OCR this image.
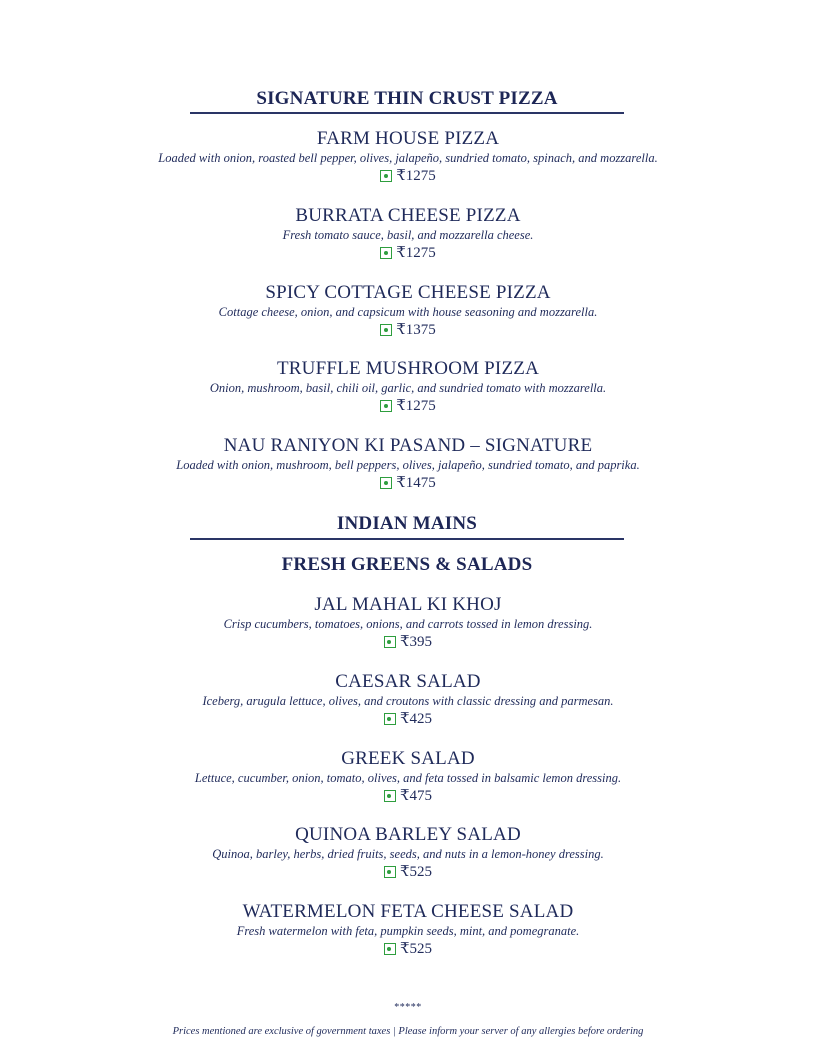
SIGNATURE THIN CRUST PIZZA
FARM HOUSE PIZZA
Loaded with onion, roasted bell pepper, olives, jalapeño, sundried tomato, spinach, and mozzarella.
₹1275
BURRATA CHEESE PIZZA
Fresh tomato sauce, basil, and mozzarella cheese.
₹1275
SPICY COTTAGE CHEESE PIZZA
Cottage cheese, onion, and capsicum with house seasoning and mozzarella.
₹1375
TRUFFLE MUSHROOM PIZZA
Onion, mushroom, basil, chili oil, garlic, and sundried tomato with mozzarella.
₹1275
NAU RANIYON KI PASAND – SIGNATURE
Loaded with onion, mushroom, bell peppers, olives, jalapeño, sundried tomato, and paprika.
₹1475
INDIAN MAINS
FRESH GREENS & SALADS
JAL MAHAL KI KHOJ
Crisp cucumbers, tomatoes, onions, and carrots tossed in lemon dressing.
₹395
CAESAR SALAD
Iceberg, arugula lettuce, olives, and croutons with classic dressing and parmesan.
₹425
GREEK SALAD
Lettuce, cucumber, onion, tomato, olives, and feta tossed in balsamic lemon dressing.
₹475
QUINOA BARLEY SALAD
Quinoa, barley, herbs, dried fruits, seeds, and nuts in a lemon-honey dressing.
₹525
WATERMELON FETA CHEESE SALAD
Fresh watermelon with feta, pumpkin seeds, mint, and pomegranate.
₹525
*****
Prices mentioned are exclusive of government taxes | Please inform your server of any allergies before ordering
